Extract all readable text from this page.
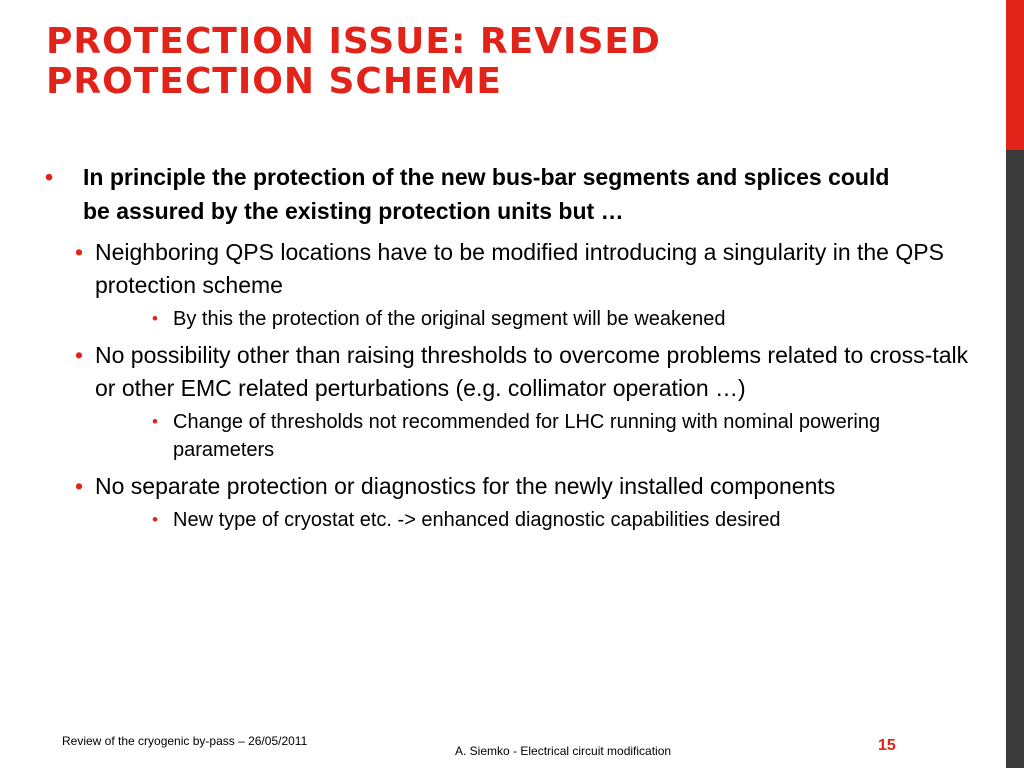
PROTECTION ISSUE: REVISED
PROTECTION SCHEME
• In principle the protection of the new bus-bar segments and splices could be assured by the existing protection units but …
• Neighboring QPS locations have to be modified introducing a singularity in the QPS protection scheme
• By this the protection of the original segment will be weakened
• No possibility other than raising thresholds to overcome problems related to cross-talk or other EMC related perturbations (e.g. collimator operation …)
• Change of thresholds not recommended for LHC running with nominal powering parameters
• No separate protection or diagnostics for the newly installed components
• New type of cryostat etc. -> enhanced diagnostic capabilities desired
Review of the cryogenic by-pass – 26/05/2011
A. Siemko - Electrical circuit modification	15
